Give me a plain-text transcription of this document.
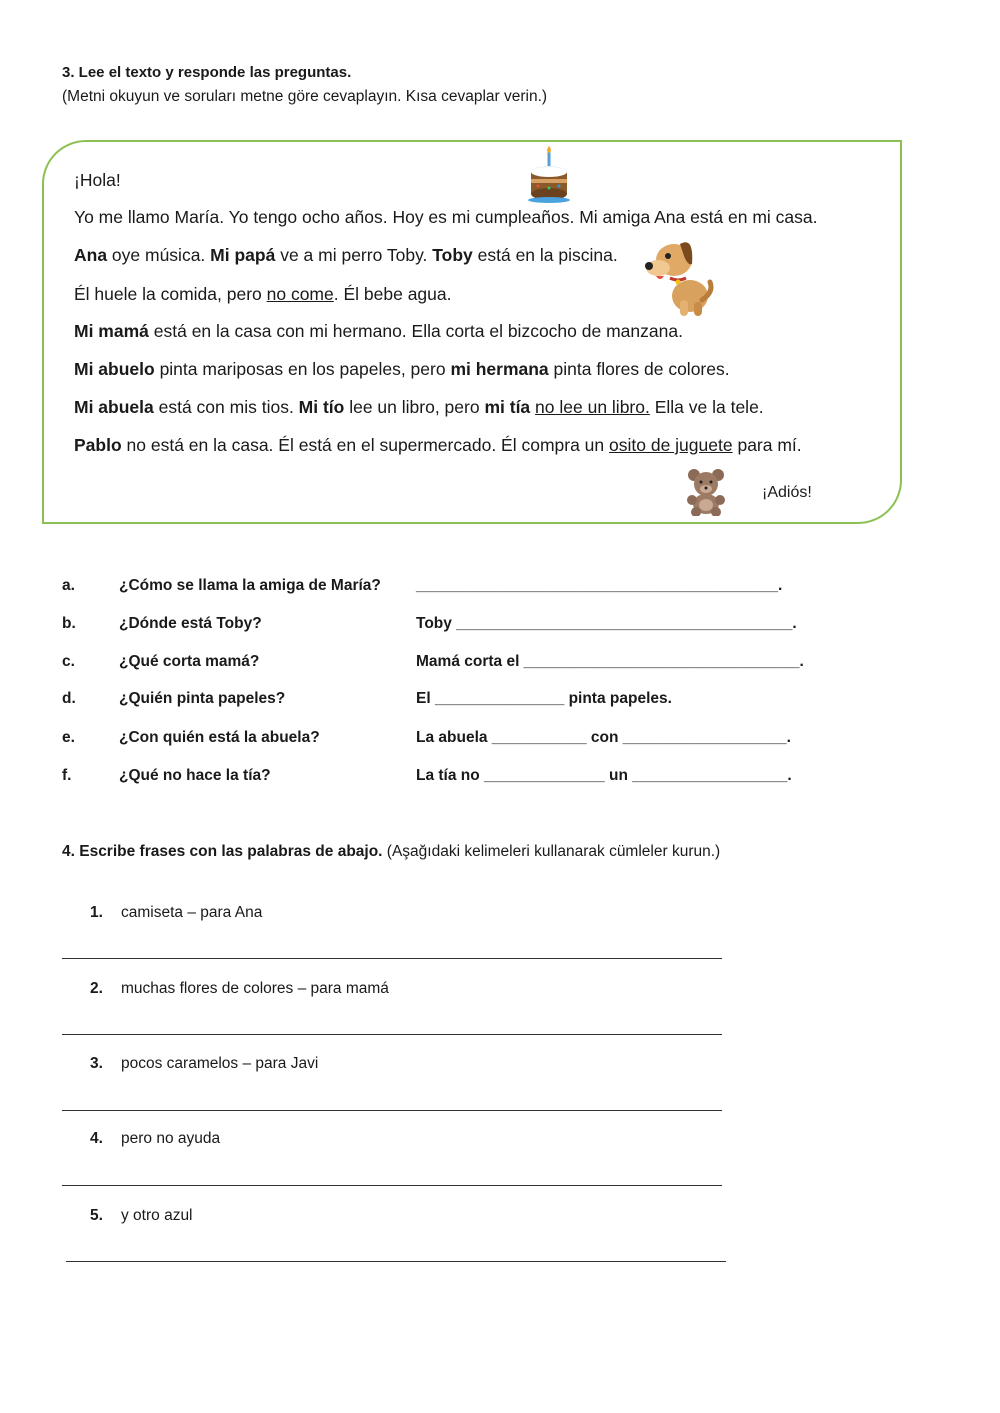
3. Lee el texto y responde las preguntas.
(Metni okuyun ve soruları metne göre cevaplayın. Kısa cevaplar verin.)
¡Hola!
Yo me llamo María. Yo tengo ocho años. Hoy es mi cumpleaños. Mi amiga Ana está en mi casa.
Ana oye música. Mi papá ve a mi perro Toby. Toby está en la piscina.
Él huele la comida, pero no come. Él bebe agua.
Mi mamá está en la casa con mi hermano. Ella corta el bizcocho de manzana.
Mi abuelo pinta mariposas en los papeles, pero mi hermana pinta flores de colores.
Mi abuela está con mis tios. Mi tío lee un libro, pero mi tía no lee un libro. Ella ve la tele.
Pablo no está en la casa. Él está en el supermercado. Él compra un osito de juguete para mí.
¡Adiós!
a.	¿Cómo se llama la amiga de María? __________________________________________.
b.	¿Dónde está Toby?	Toby _______________________________________.
c.	¿Qué corta mamá?	Mamá corta el ________________________________.
d.	¿Quién pinta papeles?	El _______________ pinta papeles.
e.	¿Con quién está la abuela?	La abuela ___________ con ___________________.
f.	¿Qué no hace la tía?	La tía no ______________ un __________________.
4. Escribe frases con las palabras de abajo. (Aşağıdaki kelimeleri kullanarak cümleler kurun.)
1. camiseta – para Ana
2. muchas flores de colores – para mamá
3. pocos caramelos – para Javi
4. pero no ayuda
5. y otro azul
